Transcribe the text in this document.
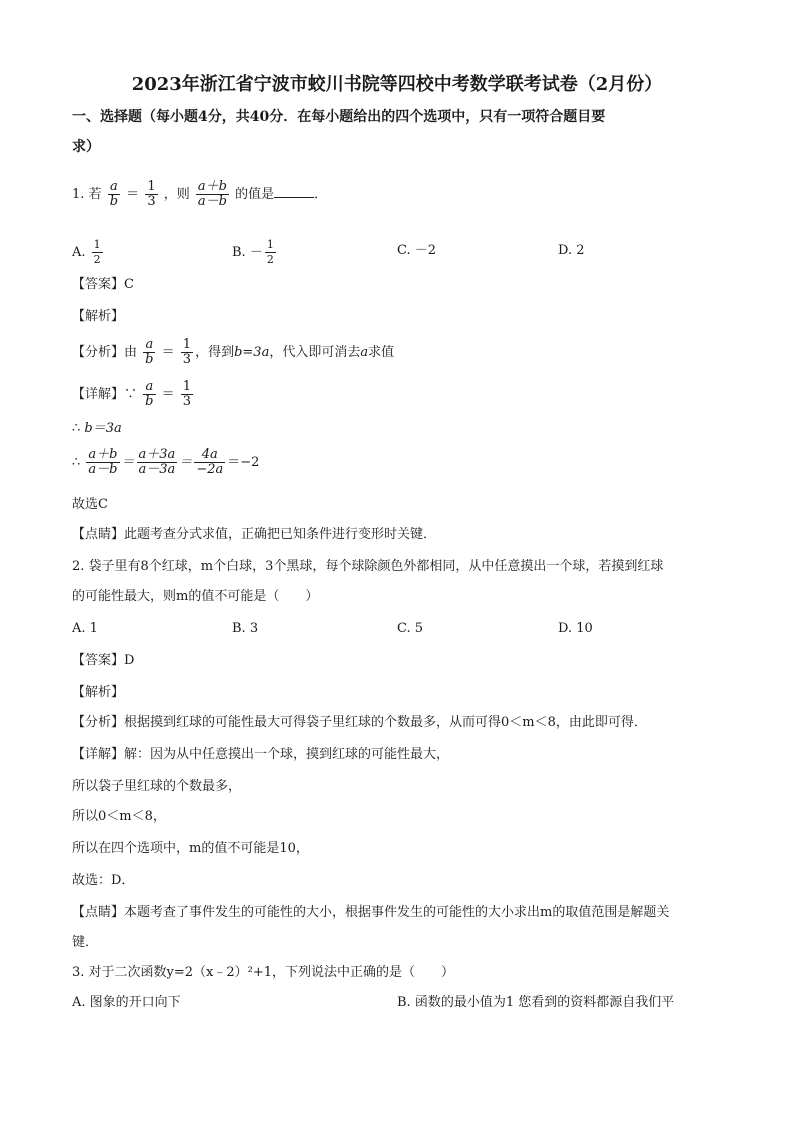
2023年浙江省宁波市蛟川书院等四校中考数学联考试卷（2月份）
一、选择题（每小题4分，共40分．在每小题给出的四个选项中，只有一项符合题目要
求）
1. 若 $\frac{a}{b} = \frac{1}{3}$ ，则 $\frac{a+b}{a-b}$ 的值是	．
A. $\frac{1}{2}$	B. － $\frac{1}{2}$	C. －2	D. 2
【答案】C
【解析】
【分析】由 $\frac{a}{b} = \frac{1}{3}$ ，得到b=3a，代入即可消去a求值
【详解】∵ $\frac{a}{b} = \frac{1}{3}$
∴ b＝3a
∴ $\frac{a+b}{a-b} = \frac{a+3a}{a-3a} = \frac{4a}{-2a} =-2$
故选C
【点睛】此题考查分式求值，正确把已知条件进行变形时关键．
2. 袋子里有8个红球，m个白球，3个黑球，每个球除颜色外都相同，从中任意摸出一个球，若摸到红球
的可能性最大，则m的值不可能是（　　）
A. 1	B. 3	C. 5	D. 10
【答案】D
【解析】
【分析】根据摸到红球的可能性最大可得袋子里红球的个数最多，从而可得0＜m＜8，由此即可得．
【详解】解：因为从中任意摸出一个球，摸到红球的可能性最大，
所以袋子里红球的个数最多，
所以0＜m＜8，
所以在四个选项中，m的值不可能是10，
故选：D．
【点睛】本题考查了事件发生的可能性的大小，根据事件发生的可能性的大小求出m的取值范围是解题关
键．
3. 对于二次函数y=2（x﹣2）²+1，下列说法中正确的是（　　）
A. 图象的开口向下	B. 函数的最小值为1 您看到的资料都源自我们平
